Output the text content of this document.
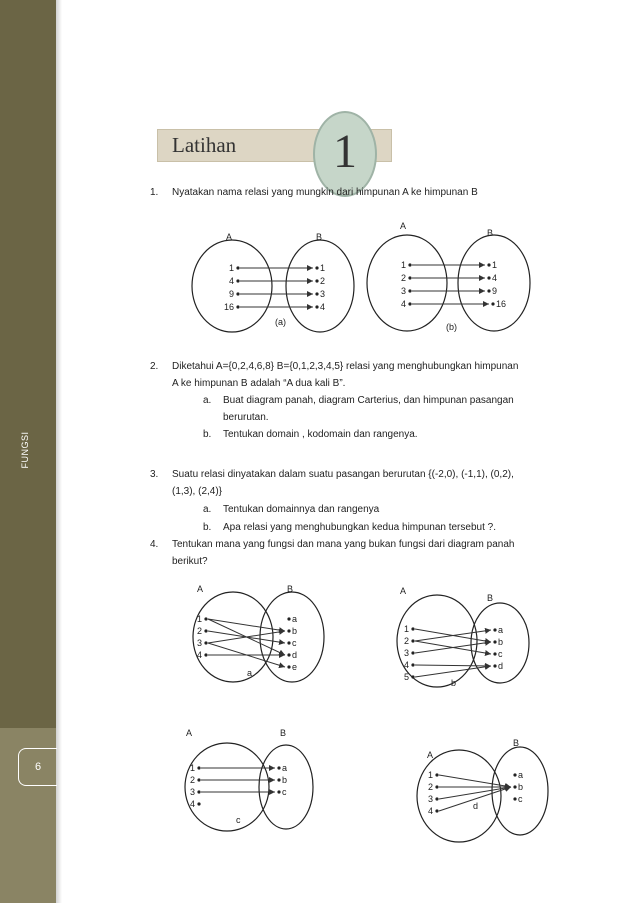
FUNGSI
6
Latihan	1
1. Nyatakan nama relasi yang mungkin dari himpunan A ke himpunan B
2. Diketahui A={0,2,4,6,8} B={0,1,2,3,4,5} relasi yang menghubungkan himpunan
A ke himpunan B adalah “A dua kali B”.
a. Buat diagram panah, diagram Carterius, dan himpunan pasangan
berurutan.
b. Tentukan domain , kodomain dan rangenya.
3. Suatu relasi dinyatakan dalam suatu pasangan berurutan {(-2,0), (-1,1), (0,2),
(1,3), (2,4)}
a. Tentukan domainnya dan rangenya
b. Apa relasi yang menghubungkan kedua himpunan tersebut ?.
4. Tentukan mana yang fungsi dan mana yang bukan fungsi dari diagram panah
berikut?
A	B
(a)
1
4
9
16
1
2
3
4
A
B
(b)
1
2
3
4
1
4
9
16
A	B
a
1
2
3
4
a
b
c
d
e
A
B
b
1
2
3
4
5
a
b
c
d
A	B
c
1
2
3
4
a
b
c
A
B
d
1
2
3
4
a
b
c
